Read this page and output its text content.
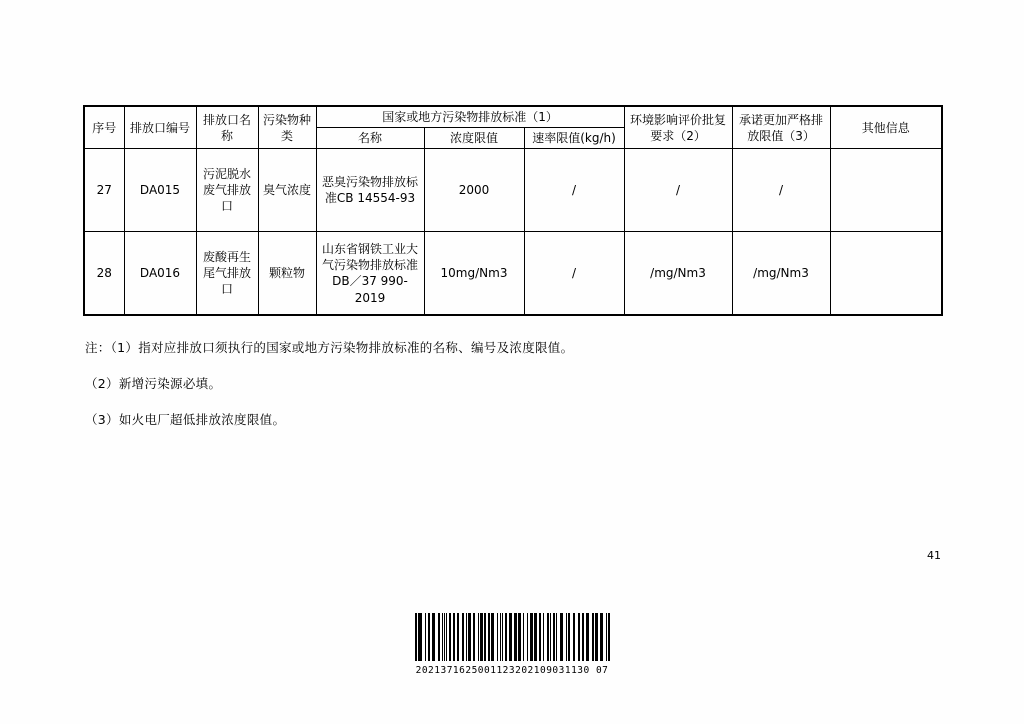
序号	排放口编号	排放口名称	污染物种类	国家或地方污染物排放标准（1）			环境影响评价批复要求（2）	承诺更加严格排放限值（3）	其他信息
				名称	浓度限值	速率限值(kg/h)			
27	DA015	污泥脱水废气排放口	臭气浓度	恶臭污染物排放标准CB 14554-93	2000	/	/	/	
28	DA016	废酸再生尾气排放口	颗粒物	山东省钢铁工业大气污染物排放标准DB／37 990-2019	10mg/Nm3	/	/mg/Nm3	/mg/Nm3	
注：（1）指对应排放口须执行的国家或地方污染物排放标准的名称、编号及浓度限值。
（2）新增污染源必填。
（3）如火电厂超低排放浓度限值。
41
2021371625001123202109031130 07
